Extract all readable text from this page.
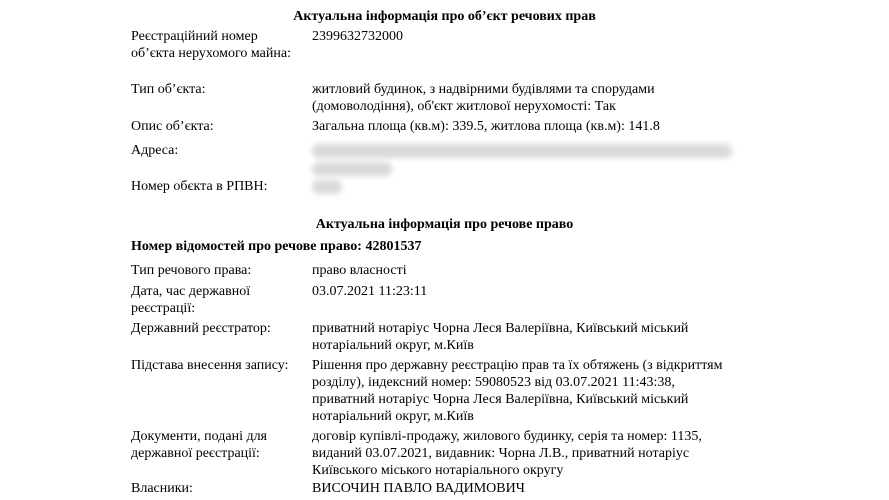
Актуальна інформація про об’єкт речових прав
Реєстраційний номер об’єкта нерухомого майна:
2399632732000
Тип об’єкта:	житловий будинок, з надвірними будівлями та спорудами (домоволодіння), об'єкт житлової нерухомості: Так
Опис об’єкта:	Загальна площа (кв.м): 339.5, житлова площа (кв.м): 141.8
Адреса:
Номер обєкта в РПВН:
Актуальна інформація про речове право
Номер відомостей про речове право: 42801537
Тип речового права:	право власності
Дата, час державної реєстрації:
03.07.2021 11:23:11
Державний реєстратор:	приватний нотаріус Чорна Леся Валеріївна, Київський міський нотаріальний округ, м.Київ
Підстава внесення запису:	Рішення про державну реєстрацію прав та їх обтяжень (з відкриттям розділу), індексний номер: 59080523 від 03.07.2021 11:43:38, приватний нотаріус Чорна Леся Валеріївна, Київський міський нотаріальний округ, м.Київ
Документи, подані для державної реєстрації:
договір купівлі-продажу, жилового будинку, серія та номер: 1135, виданий 03.07.2021, видавник: Чорна Л.В., приватний нотаріус Київського міського нотаріального округу
Власники:	ВИСОЧИН ПАВЛО ВАДИМОВИЧ
